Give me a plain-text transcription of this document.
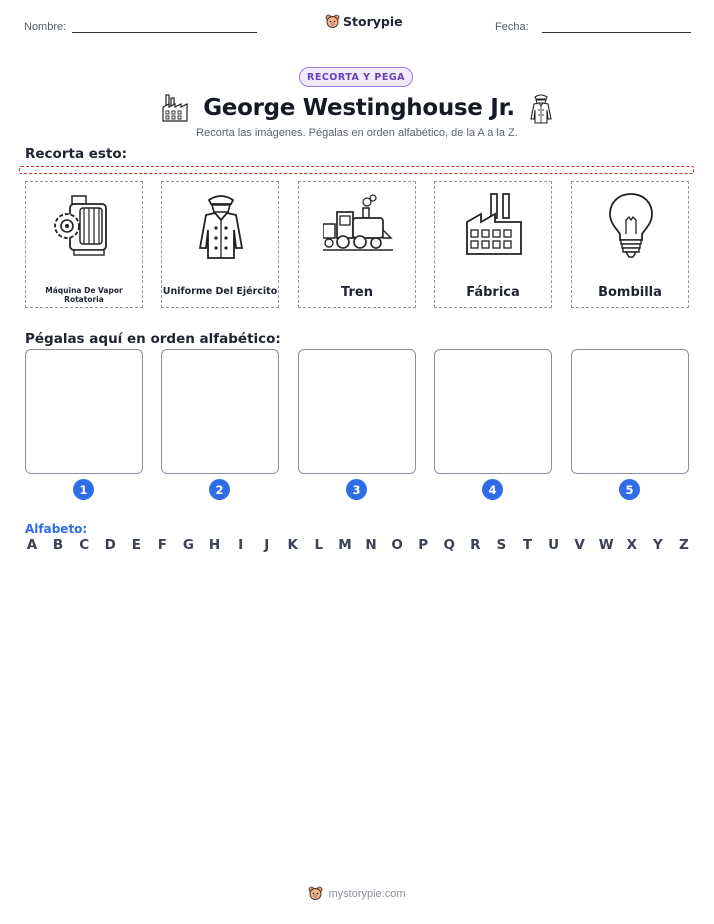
Nombre:	Storypie	Fecha:
RECORTA Y PEGA
George Westinghouse Jr.
Recorta las imágenes. Pégalas en orden alfabético, de la A a la Z.
Recorta esto:
Máquina De Vapor Rotatoria
Uniforme Del Ejército	Tren	Fábrica	Bombilla
Pégalas aquí en orden alfabético:
1	2	3	4	5
Alfabeto:
A B C D E F G H	I	J	K L M N O P Q R S T U V W X Y Z
mystorypie.com
